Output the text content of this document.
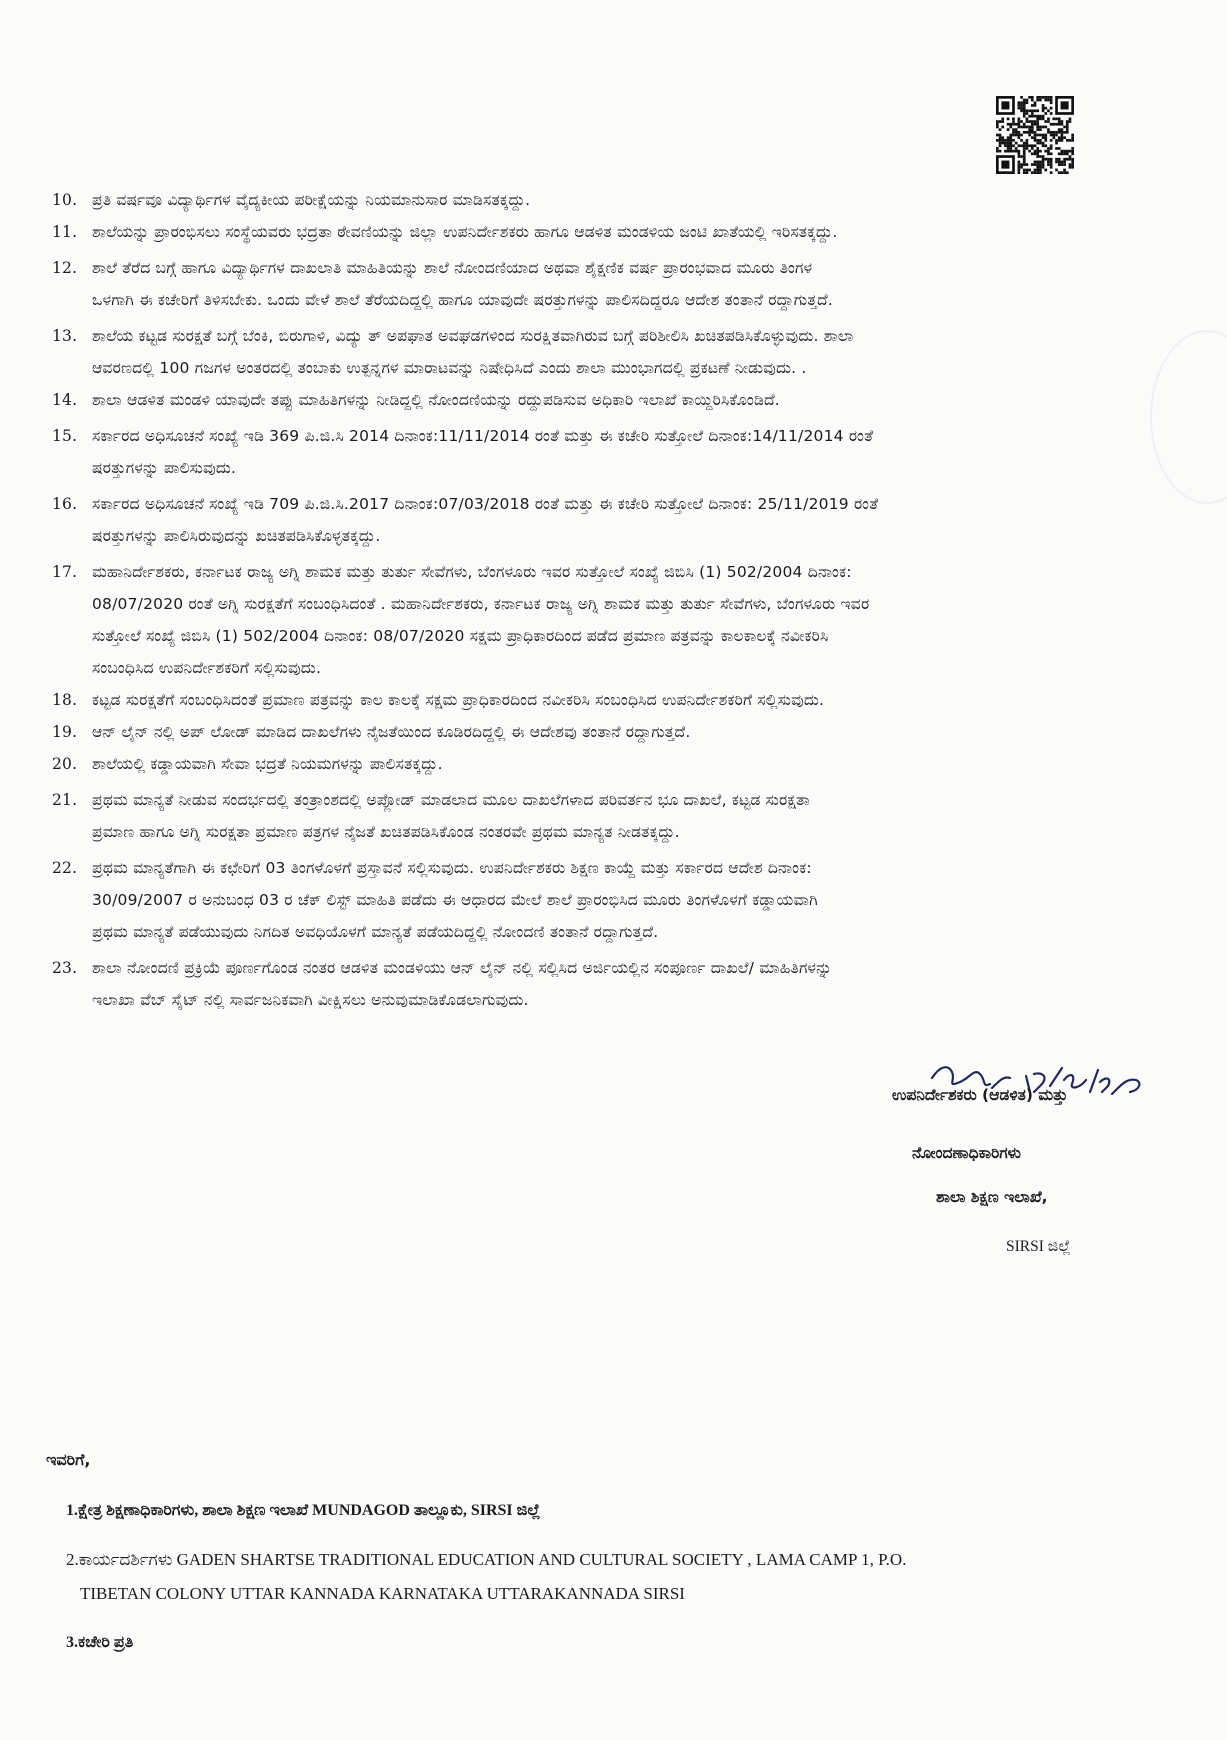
10. ಪ್ರತಿ ವರ್ಷವೂ ವಿದ್ಯಾರ್ಥಿಗಳ ವೈದ್ಯಕೀಯ ಪರೀಕ್ಷೆಯನ್ನು ನಿಯಮಾನುಸಾರ ಮಾಡಿಸತಕ್ಕದ್ದು.
11. ಶಾಲೆಯನ್ನು ಪ್ರಾರಂಭಿಸಲು ಸಂಸ್ಥೆಯವರು ಭದ್ರತಾ ಠೇವಣಿಯನ್ನು ಜಿಲ್ಲಾ ಉಪನಿರ್ದೇಶಕರು ಹಾಗೂ ಆಡಳಿತ ಮಂಡಳಿಯ ಜಂಟಿ ಖಾತೆಯಲ್ಲಿ ಇರಿಸತಕ್ಕದ್ದು.
12. ಶಾಲೆ ತೆರೆದ ಬಗ್ಗೆ ಹಾಗೂ ವಿದ್ಯಾರ್ಥಿಗಳ ದಾಖಲಾತಿ ಮಾಹಿತಿಯನ್ನು ಶಾಲೆ ನೋಂದಣಿಯಾದ ಅಥವಾ ಶೈಕ್ಷಣಿಕ ವರ್ಷ ಪ್ರಾರಂಭವಾದ ಮೂರು ತಿಂಗಳ
ಒಳಗಾಗಿ ಈ ಕಚೇರಿಗೆ ತಿಳಿಸಬೇಕು. ಒಂದು ವೇಳೆ ಶಾಲೆ ತೆರೆಯದಿದ್ದಲ್ಲಿ ಹಾಗೂ ಯಾವುದೇ ಷರತ್ತುಗಳನ್ನು ಪಾಲಿಸದಿದ್ದರೂ ಆದೇಶ ತಂತಾನೆ ರದ್ದಾಗುತ್ತದೆ.
13. ಶಾಲೆಯ ಕಟ್ಟಡ ಸುರಕ್ಷತೆ ಬಗ್ಗೆ ಬೆಂಕಿ, ಬಿರುಗಾಳಿ, ವಿದ್ಯು ತ್ ಅಪಘಾತ ಅವಘಡಗಳಿಂದ ಸುರಕ್ಷಿತವಾಗಿರುವ ಬಗ್ಗೆ ಪರಿಶೀಲಿಸಿ ಖಚಿತಪಡಿಸಿಕೊಳ್ಳುವುದು. ಶಾಲಾ
ಆವರಣದಲ್ಲಿ 100 ಗಜಗಳ ಅಂತರದಲ್ಲಿ ತಂಬಾಕು ಉತ್ಪನ್ನಗಳ ಮಾರಾಟವನ್ನು ನಿಷೇಧಿಸಿದೆ ಎಂದು ಶಾಲಾ ಮುಂಭಾಗದಲ್ಲಿ ಪ್ರಕಟಣೆ ನೀಡುವುದು. .
14. ಶಾಲಾ ಆಡಳಿತ ಮಂಡಳಿ ಯಾವುದೇ ತಪ್ಪು ಮಾಹಿತಿಗಳನ್ನು ನೀಡಿದ್ದಲ್ಲಿ ನೋಂದಣಿಯನ್ನು ರದ್ದುಪಡಿಸುವ ಅಧಿಕಾರಿ ಇಲಾಖೆ ಕಾಯ್ದಿರಿಸಿಕೊಂಡಿದೆ.
15. ಸರ್ಕಾರದ ಅಧಿಸೂಚನೆ ಸಂಖ್ಯೆ ಇಡಿ 369 ಪಿ.ಜಿ.ಸಿ 2014 ದಿನಾಂಕ:11/11/2014 ರಂತೆ ಮತ್ತು ಈ ಕಚೇರಿ ಸುತ್ತೋಲೆ ದಿನಾಂಕ:14/11/2014 ರಂತೆ
ಷರತ್ತುಗಳನ್ನು ಪಾಲಿಸುವುದು.
16. ಸರ್ಕಾರದ ಅಧಿಸೂಚನೆ ಸಂಖ್ಯೆ ಇಡಿ 709 ಪಿ.ಜಿ.ಸಿ.2017 ದಿನಾಂಕ:07/03/2018 ರಂತೆ ಮತ್ತು ಈ ಕಚೇರಿ ಸುತ್ತೋಲೆ ದಿನಾಂಕ: 25/11/2019 ರಂತೆ
ಷರತ್ತುಗಳನ್ನು ಪಾಲಿಸಿರುವುದನ್ನು ಖಚಿತಪಡಿಸಿಕೊಳ್ಳತಕ್ಕದ್ದು.
17. ಮಹಾನಿರ್ದೇಶಕರು, ಕರ್ನಾಟಕ ರಾಜ್ಯ ಅಗ್ನಿ ಶಾಮಕ ಮತ್ತು ತುರ್ತು ಸೇವೆಗಳು, ಬೆಂಗಳೂರು ಇವರ ಸುತ್ತೋಲೆ ಸಂಖ್ಯೆ ಜಿಬಿಸಿ (1) 502/2004 ದಿನಾಂಕ:
08/07/2020 ರಂತೆ ಅಗ್ನಿ ಸುರಕ್ಷತೆಗೆ ಸಂಬಂಧಿಸಿದಂತೆ . ಮಹಾನಿರ್ದೇಶಕರು, ಕರ್ನಾಟಕ ರಾಜ್ಯ ಅಗ್ನಿ ಶಾಮಕ ಮತ್ತು ತುರ್ತು ಸೇವೆಗಳು, ಬೆಂಗಳೂರು ಇವರ
ಸುತ್ತೋಲೆ ಸಂಖ್ಯೆ ಜಿಬಿಸಿ (1) 502/2004 ದಿನಾಂಕ: 08/07/2020 ಸಕ್ಷಮ ಪ್ರಾಧಿಕಾರದಿಂದ ಪಡೆದ ಪ್ರಮಾಣ ಪತ್ರವನ್ನು ಕಾಲಕಾಲಕ್ಕೆ ನವೀಕರಿಸಿ
ಸಂಬಂಧಿಸಿದ ಉಪನಿರ್ದೇಶಕರಿಗೆ ಸಲ್ಲಿಸುವುದು.
18. ಕಟ್ಟಡ ಸುರಕ್ಷತೆಗೆ ಸಂಬಂಧಿಸಿದಂತೆ ಪ್ರಮಾಣ ಪತ್ರವನ್ನು ಕಾಲ ಕಾಲಕ್ಕೆ ಸಕ್ಷಮ ಪ್ರಾಧಿಕಾರದಿಂದ ನವೀಕರಿಸಿ ಸಂಬಂಧಿಸಿದ ಉಪನಿರ್ದೇಶಕರಿಗೆ ಸಲ್ಲಿಸುವುದು.
19. ಆನ್ ಲೈನ್ ನಲ್ಲಿ ಅಪ್ ಲೋಡ್ ಮಾಡಿದ ದಾಖಲೆಗಳು ನೈಜತೆಯಿಂದ ಕೂಡಿರದಿದ್ದಲ್ಲಿ ಈ ಆದೇಶವು ತಂತಾನೆ ರದ್ದಾಗುತ್ತದೆ.
20. ಶಾಲೆಯಲ್ಲಿ ಕಡ್ಡಾಯವಾಗಿ ಸೇವಾ ಭದ್ರತೆ ನಿಯಮಗಳನ್ನು ಪಾಲಿಸತಕ್ಕದ್ದು.
21. ಪ್ರಥಮ ಮಾನ್ಯತೆ ನೀಡುವ ಸಂದರ್ಭದಲ್ಲಿ ತಂತ್ರಾಂಶದಲ್ಲಿ ಅಪ್ಲೋಡ್ ಮಾಡಲಾದ ಮೂಲ ದಾಖಲೆಗಳಾದ ಪರಿವರ್ತನ ಭೂ ದಾಖಲೆ, ಕಟ್ಟಡ ಸುರಕ್ಷತಾ
ಪ್ರಮಾಣ ಹಾಗೂ ಅಗ್ನಿ ಸುರಕ್ಷತಾ ಪ್ರಮಾಣ ಪತ್ರಗಳ ನೈಜತೆ ಖಚಿತಪಡಿಸಿಕೊಂಡ ನಂತರವೇ ಪ್ರಥಮ ಮಾನ್ಯತ ನೀಡತಕ್ಕದ್ದು.
22. ಪ್ರಥಮ ಮಾನ್ಯತೆಗಾಗಿ ಈ ಕಛೇರಿಗೆ 03 ತಿಂಗಳೊಳಗೆ ಪ್ರಸ್ತಾವನೆ ಸಲ್ಲಿಸುವುದು. ಉಪನಿರ್ದೇಶಕರು ಶಿಕ್ಷಣ ಕಾಯ್ದೆ ಮತ್ತು ಸರ್ಕಾರದ ಆದೇಶ ದಿನಾಂಕ:
30/09/2007 ರ ಅನುಬಂಧ 03 ರ ಚೆಕ್ ಲಿಸ್ಟ್ ಮಾಹಿತಿ ಪಡೆದು ಈ ಆಧಾರದ ಮೇಲೆ ಶಾಲೆ ಪ್ರಾರಂಭಿಸಿದ ಮೂರು ತಿಂಗಳೊಳಗೆ ಕಡ್ಡಾಯವಾಗಿ
ಪ್ರಥಮ ಮಾನ್ಯತೆ ಪಡೆಯುವುದು ನಿಗದಿತ ಅವಧಿಯೊಳಗೆ ಮಾನ್ಯತೆ ಪಡೆಯದಿದ್ದಲ್ಲಿ ನೋಂದಣಿ ತಂತಾನೆ ರದ್ದಾಗುತ್ತದೆ.
23. ಶಾಲಾ ನೋಂದಣಿ ಪ್ರಕ್ರಿಯೆ ಪೂರ್ಣಗೊಂಡ ನಂತರ ಆಡಳಿತ ಮಂಡಳಿಯು ಆನ್ ಲೈನ್ ನಲ್ಲಿ ಸಲ್ಲಿಸಿದ ಅರ್ಜಿಯಲ್ಲಿನ ಸಂಪೂರ್ಣ ದಾಖಲೆ/ ಮಾಹಿತಿಗಳನ್ನು
ಇಲಾಖಾ ವೆಬ್ ಸೈಟ್ ನಲ್ಲಿ ಸಾರ್ವಜನಿಕವಾಗಿ ವೀಕ್ಷಿಸಲು ಅನುವುಮಾಡಿಕೊಡಲಾಗುವುದು.
ಉಪನಿರ್ದೇಶಕರು (ಆಡಳಿತ) ಮತ್ತು
ನೋಂದಣಾಧಿಕಾರಿಗಳು
ಶಾಲಾ ಶಿಕ್ಷಣ ಇಲಾಖೆ,
SIRSI ಜಿಲ್ಲೆ
ಇವರಿಗೆ,
1.ಕ್ಷೇತ್ರ ಶಿಕ್ಷಣಾಧಿಕಾರಿಗಳು, ಶಾಲಾ ಶಿಕ್ಷಣ ಇಲಾಖೆ MUNDAGOD ತಾಲ್ಲೂಕು, SIRSI ಜಿಲ್ಲೆ
2.ಕಾರ್ಯದರ್ಶಿಗಳು GADEN SHARTSE TRADITIONAL EDUCATION AND CULTURAL SOCIETY , LAMA CAMP 1, P.O.
TIBETAN COLONY UTTAR KANNADA KARNATAKA UTTARAKANNADA SIRSI
3.ಕಚೇರಿ ಪ್ರತಿ
